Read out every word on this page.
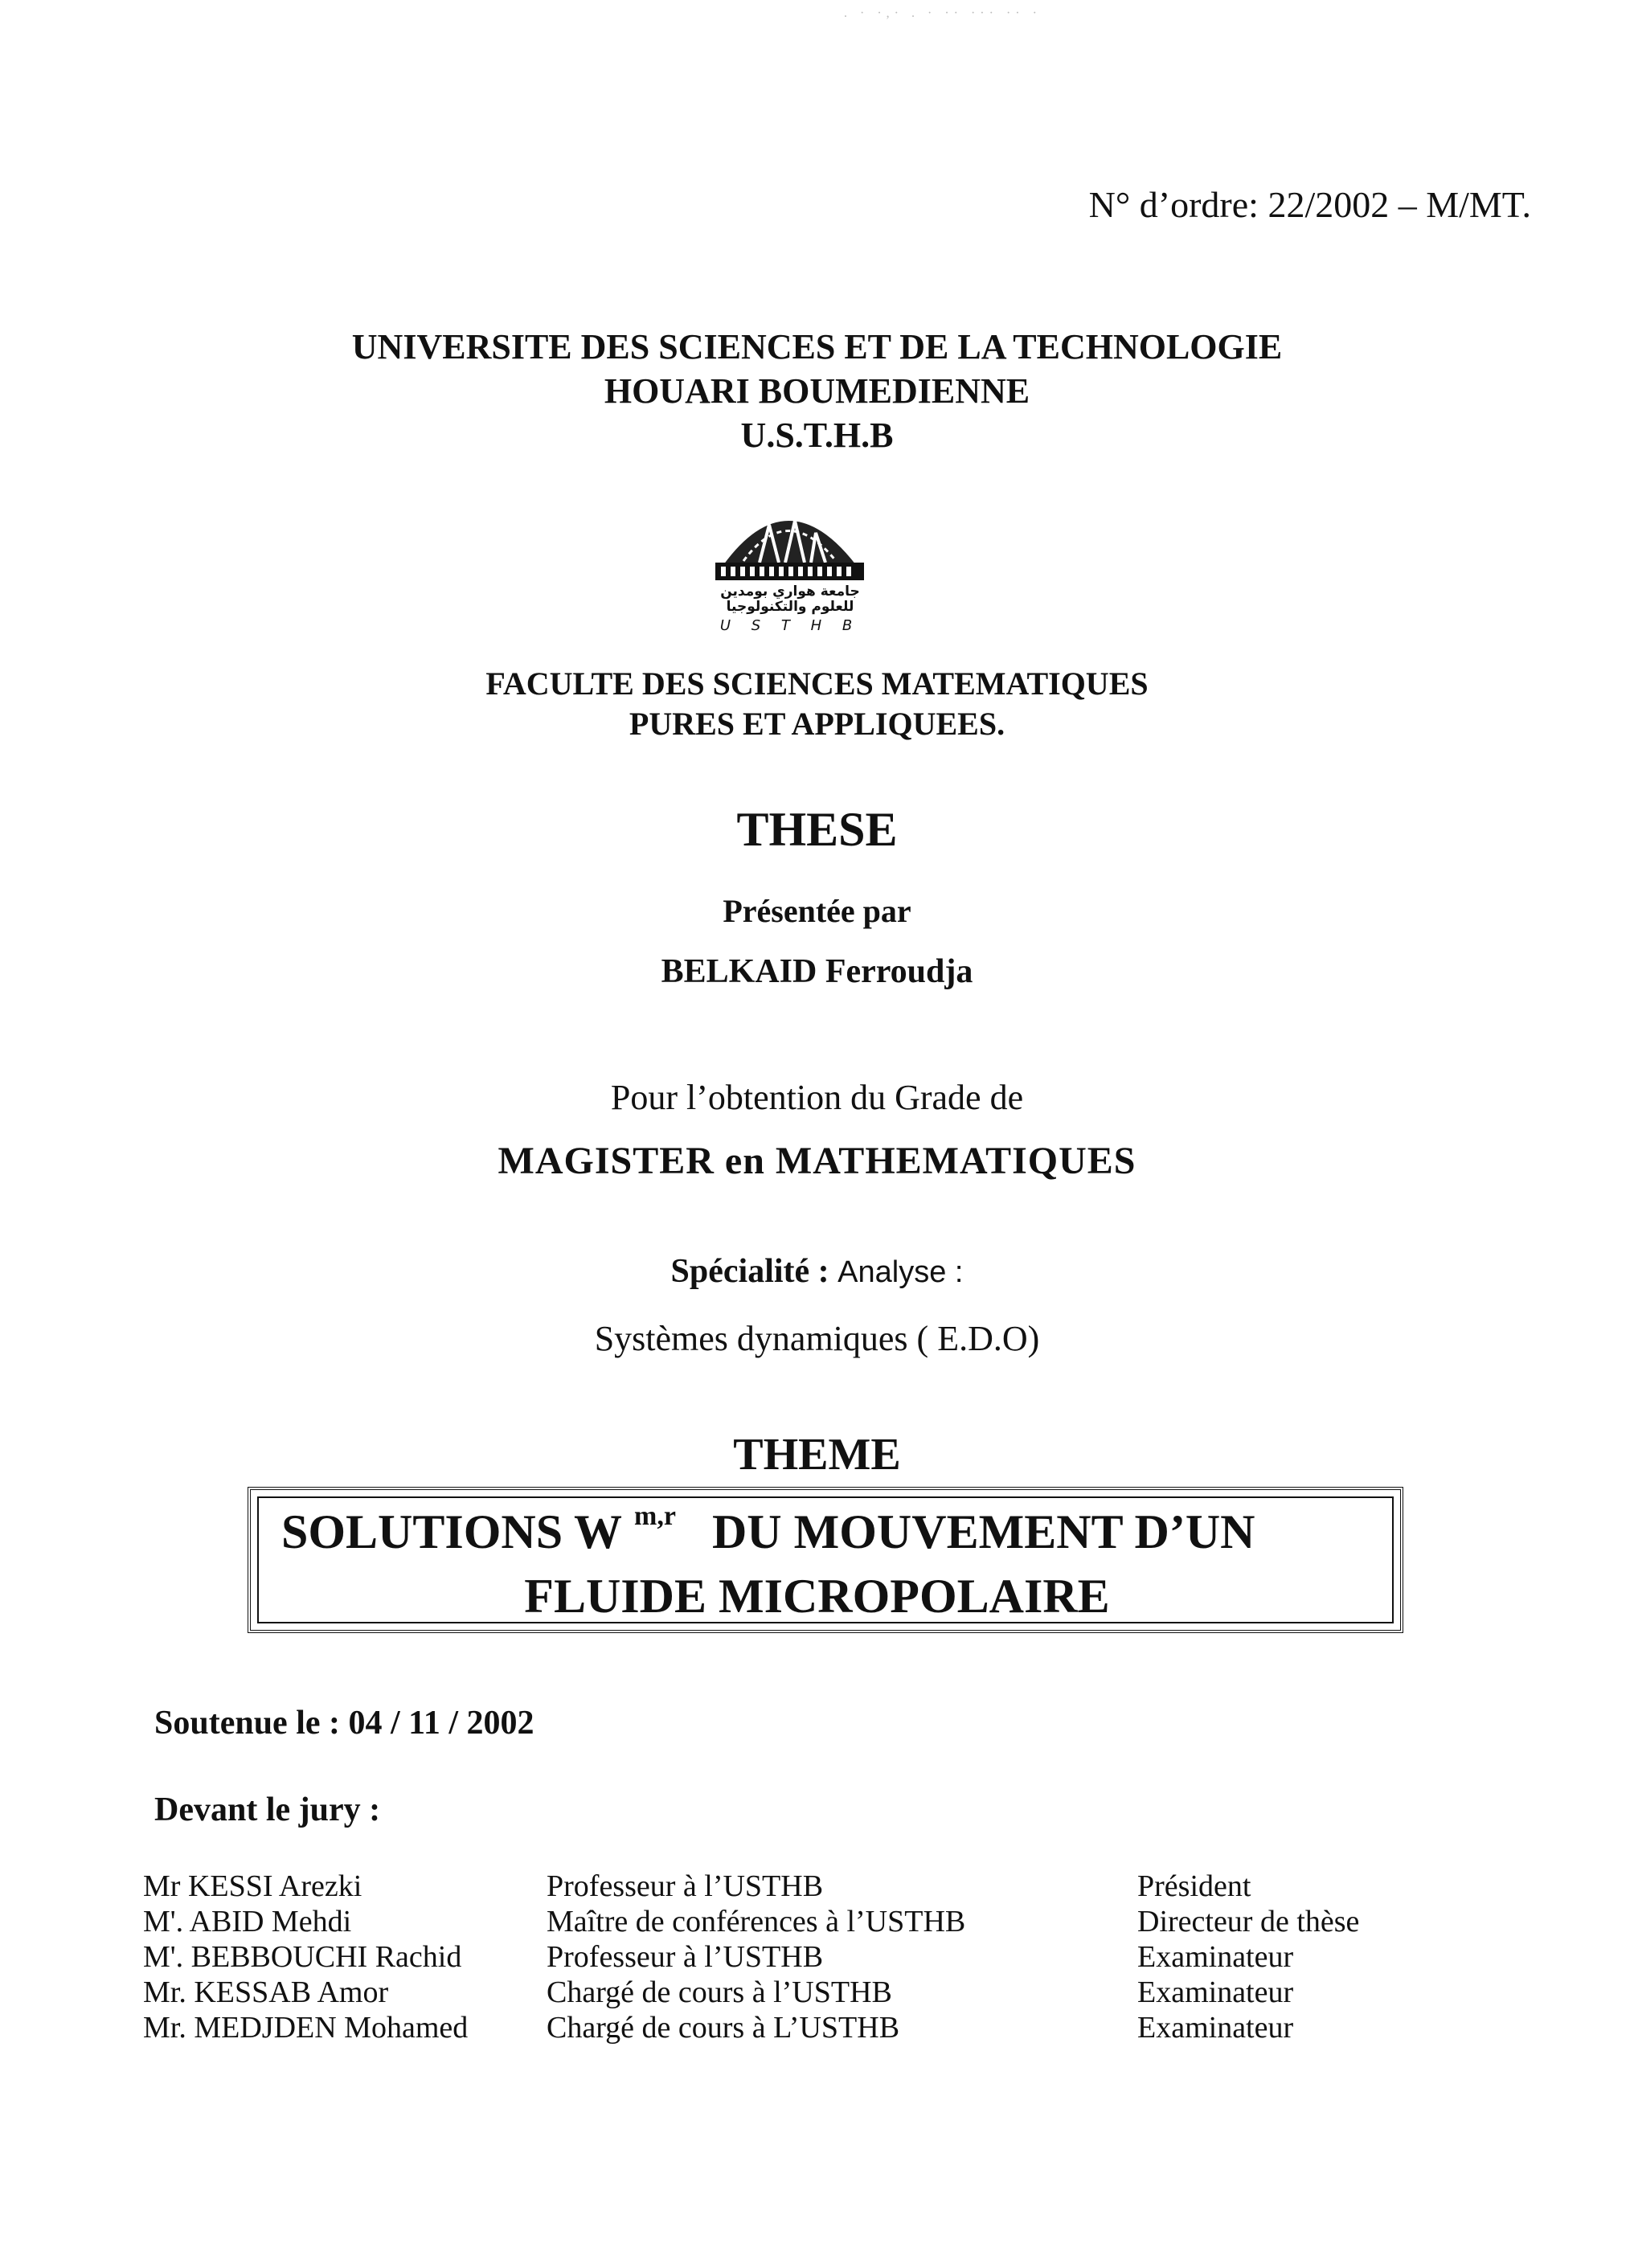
. · ·,· . · ·· ··· ·· ·
N° d’ordre: 22/2002 – M/MT.
UNIVERSITE DES SCIENCES ET DE LA TECHNOLOGIE
HOUARI BOUMEDIENNE
U.S.T.H.B
جامعة هواري بومدين
للعلوم والتكنولوجيا
U S T H B
FACULTE DES SCIENCES MATEMATIQUES
PURES ET APPLIQUEES.
THESE
Présentée par
BELKAID Ferroudja
Pour l’obtention du Grade de
MAGISTER en MATHEMATIQUES
Spécialité : Analyse :
Systèmes dynamiques ( E.D.O)
THEME
SOLUTIONS W $^{m,r}$ DU MOUVEMENT D’UN
FLUIDE MICROPOLAIRE
Soutenue le : 04 / 11 / 2002
Devant le jury :
Mr KESSI Arezki	Professeur à l’USTHB	Président
M'. ABID Mehdi	Maître de conférences à l’USTHB	Directeur de thèse
M'. BEBBOUCHI Rachid	Professeur à l’USTHB	Examinateur
Mr. KESSAB Amor	Chargé de cours à l’USTHB	Examinateur
Mr. MEDJDEN Mohamed	Chargé de cours à L’USTHB	Examinateur
